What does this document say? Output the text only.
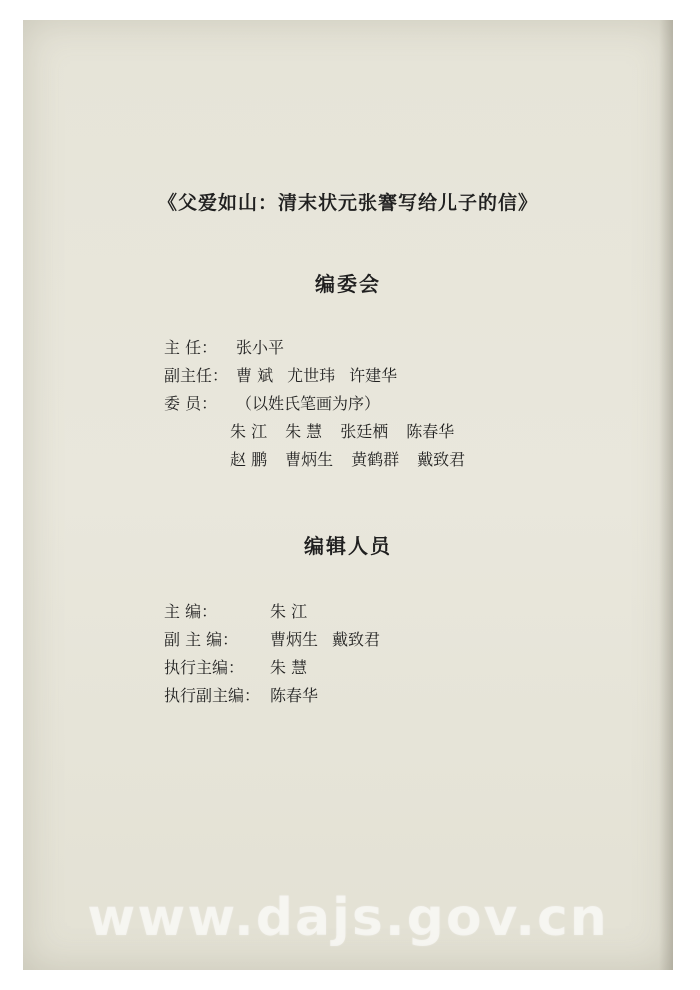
《父爱如山：清末状元张謇写给儿子的信》
编委会
主 任： 张小平
副主任： 曹 斌 尤世玮 许建华
委 员： （以姓氏笔画为序）
朱 江 朱 慧 张廷栖 陈春华
赵 鹏 曹炳生 黄鹤群 戴致君
编辑人员
主 编：	朱 江
副 主 编： 曹炳生 戴致君
执行主编： 朱 慧
执行副主编： 陈春华
www.dajs.gov.cn
